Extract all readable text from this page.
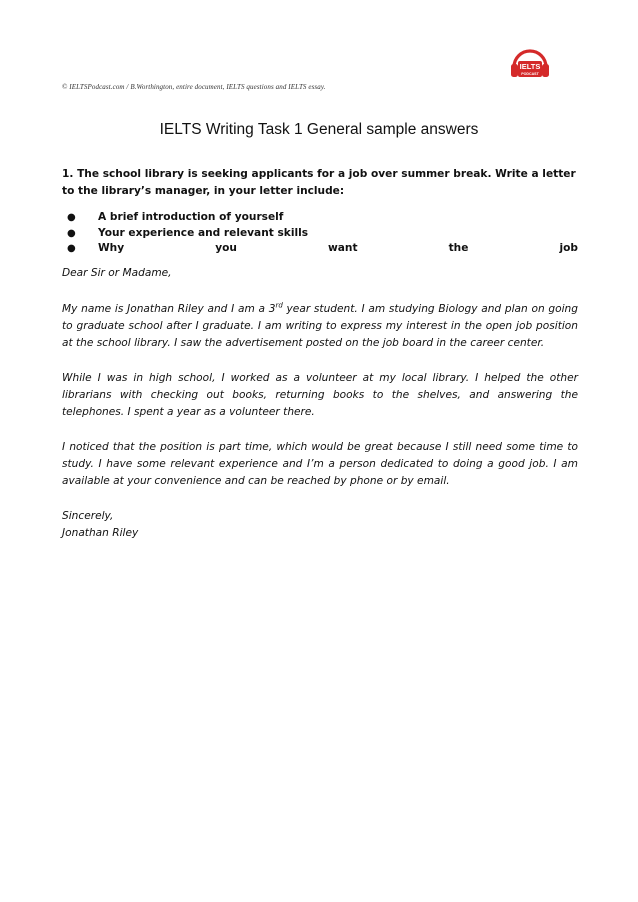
© IELTSPodcast.com / B.Worthington, entire document, IELTS questions and IELTS essay.
IELTS
PODCAST
IELTS Writing Task 1 General sample answers

1. The school library is seeking applicants for a job over summer break. Write a letter to the library’s manager, in your letter include:

● A brief introduction of yourself
● Your experience and relevant skills
● Why	you	want	the	job

Dear Sir or Madame,

My name is Jonathan Riley and I am a 3rd year student. I am studying Biology and plan on going to graduate school after I graduate. I am writing to express my interest in the open job position at the school library. I saw the advertisement posted on the job board in the career center.

While I was in high school, I worked as a volunteer at my local library. I helped the other librarians with checking out books, returning books to the shelves, and answering the telephones. I spent a year as a volunteer there.

I noticed that the position is part time, which would be great because I still need some time to study. I have some relevant experience and I’m a person dedicated to doing a good job. I am available at your convenience and can be reached by phone or by email.

Sincerely,

Jonathan Riley
